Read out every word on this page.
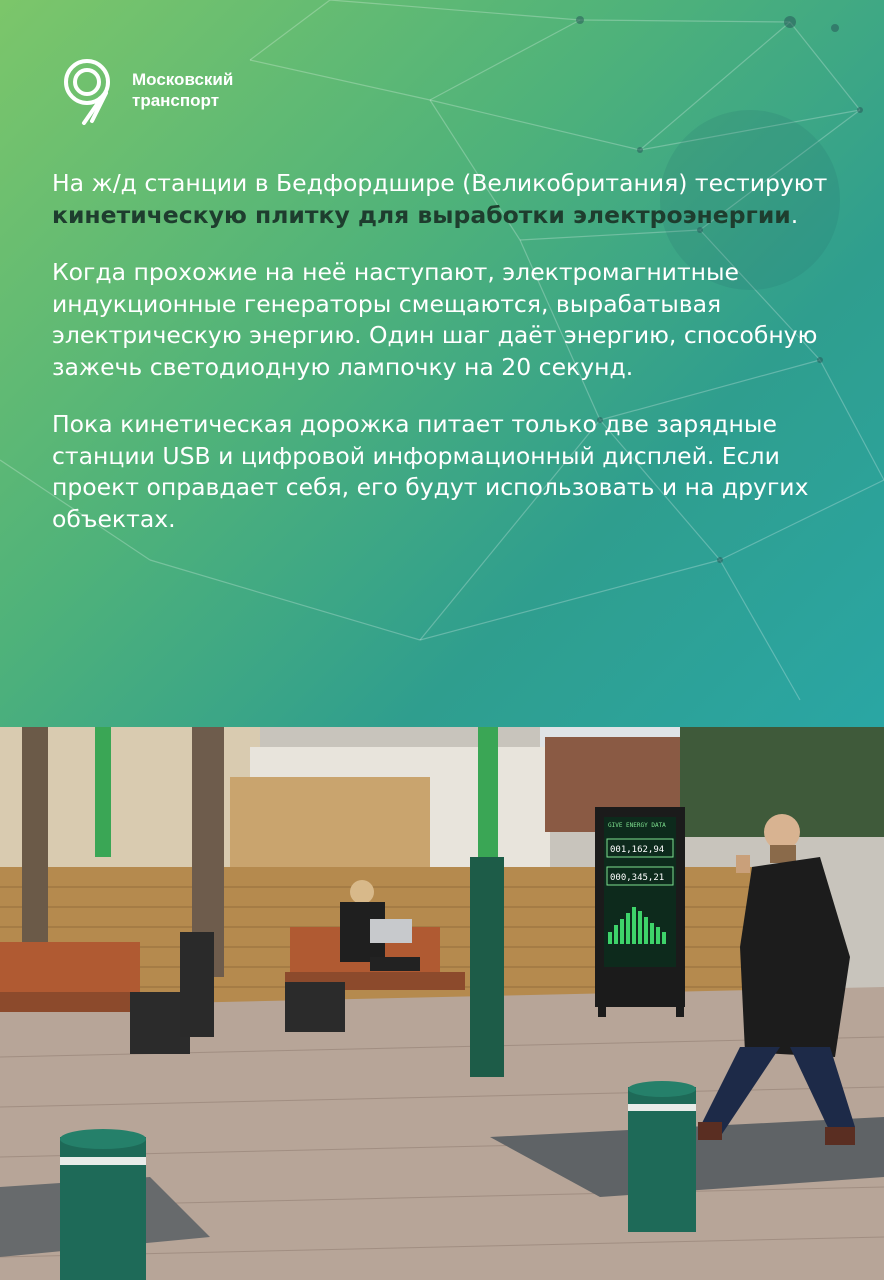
Московский
транспорт

На ж/д станции в Бедфордшире (Великобритания) тестируют кинетическую плитку для выработки электроэнергии.

Когда прохожие на неё наступают, электромагнитные индукционные генераторы смещаются, вырабатывая электрическую энергию. Один шаг даёт энергию, способную зажечь светодиодную лампочку на 20 секунд.

Пока кинетическая дорожка питает только две зарядные станции USB и цифровой информационный дисплей. Если проект оправдает себя, его будут использовать и на других объектах.

GIVE ENERGY DATA
001,162,94
000,345,21
